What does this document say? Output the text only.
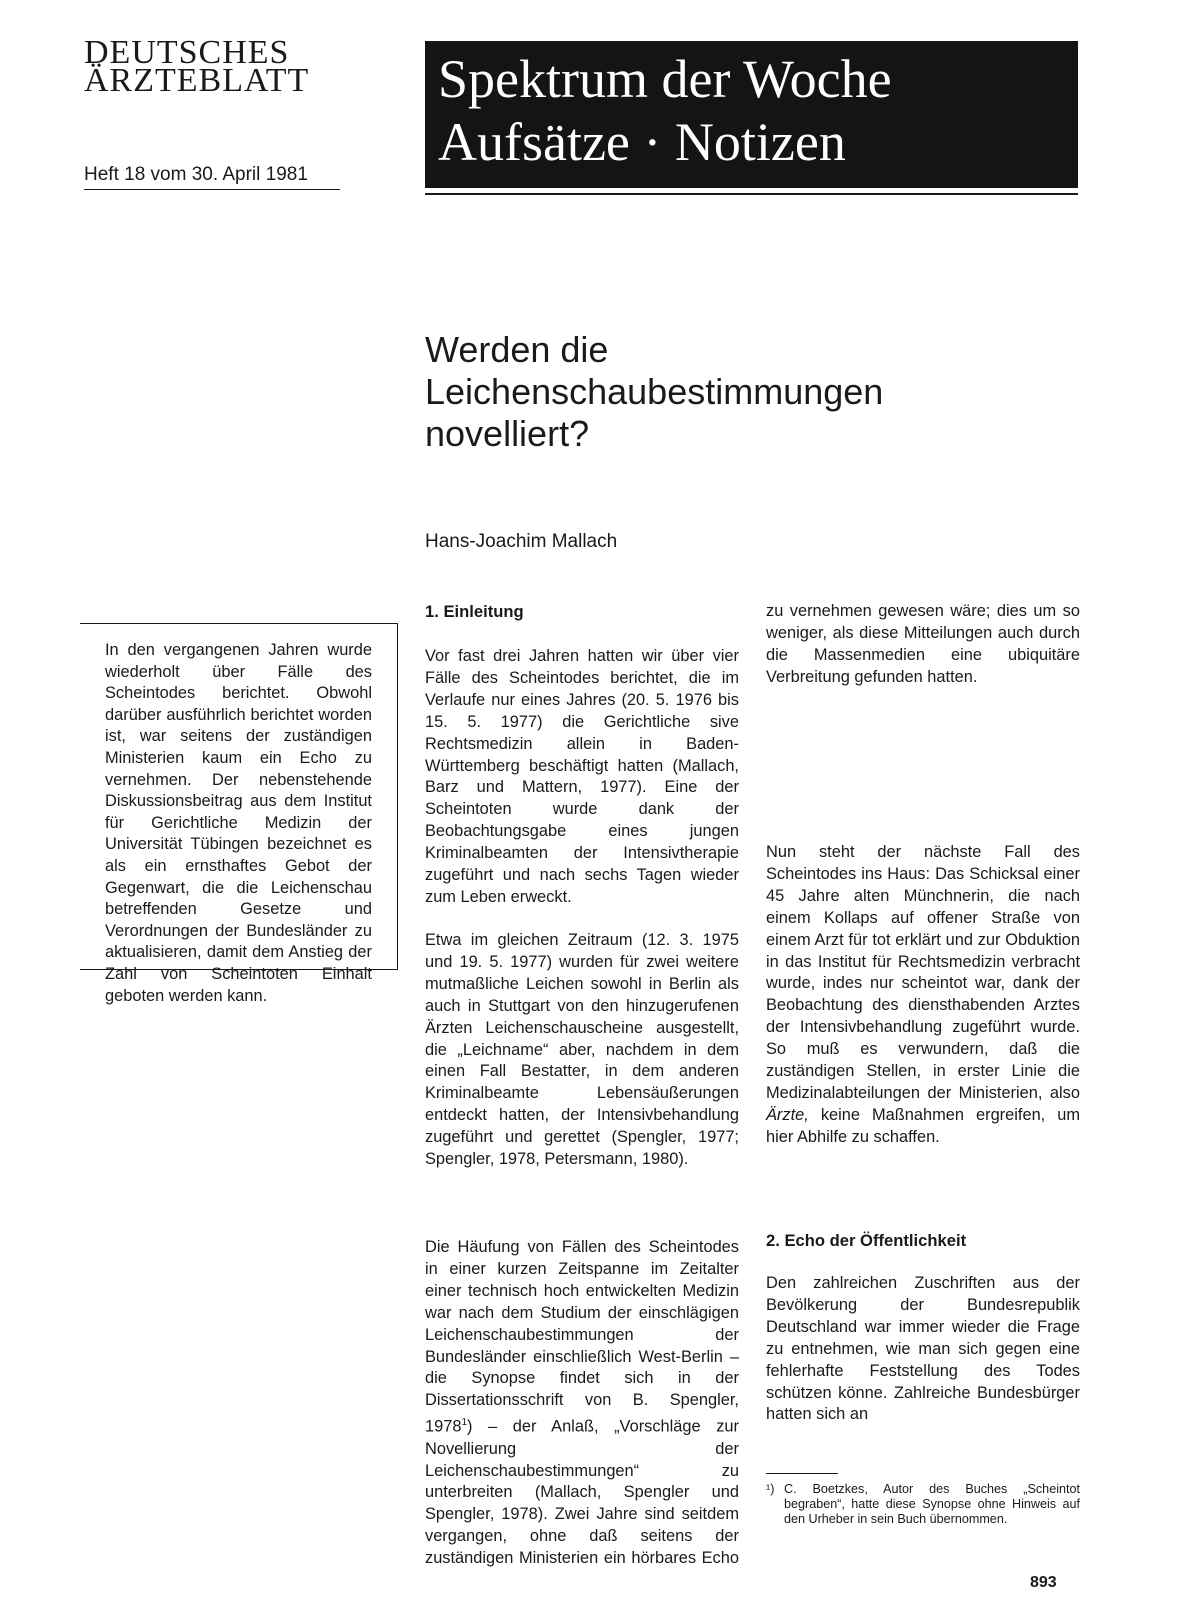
DEUTSCHES
ÄRZTEBLATT
Heft 18 vom 30. April 1981
Spektrum der Woche
Aufsätze · Notizen
Werden die
Leichenschaubestimmungen
novelliert?
Hans-Joachim Mallach
In den vergangenen Jahren wurde wiederholt über Fälle des Scheintodes berichtet. Obwohl darüber ausführlich berichtet worden ist, war seitens der zuständigen Ministerien kaum ein Echo zu vernehmen. Der nebenstehende Diskussionsbeitrag aus dem Institut für Gerichtliche Medizin der Universität Tübingen bezeichnet es als ein ernsthaftes Gebot der Gegenwart, die die Leichenschau betreffenden Gesetze und Verordnungen der Bundesländer zu aktualisieren, damit dem Anstieg der Zahl von Scheintoten Einhalt geboten werden kann.
1. Einleitung

Vor fast drei Jahren hatten wir über vier Fälle des Scheintodes berichtet, die im Verlaufe nur eines Jahres (20. 5. 1976 bis 15. 5. 1977) die Gerichtliche sive Rechtsmedizin allein in Baden-Württemberg beschäftigt hatten (Mallach, Barz und Mattern, 1977). Eine der Scheintoten wurde dank der Beobachtungsgabe eines jungen Kriminalbeamten der Intensivtherapie zugeführt und nach sechs Tagen wieder zum Leben erweckt.

Etwa im gleichen Zeitraum (12. 3. 1975 und 19. 5. 1977) wurden für zwei weitere mutmaßliche Leichen sowohl in Berlin als auch in Stuttgart von den hinzugerufenen Ärzten Leichenschauscheine ausgestellt, die „Leichname“ aber, nachdem in dem einen Fall Bestatter, in dem anderen Kriminalbeamte Lebensäußerungen entdeckt hatten, der Intensivbehandlung zugeführt und gerettet (Spengler, 1977; Spengler, 1978, Petersmann, 1980).

Die Häufung von Fällen des Scheintodes in einer kurzen Zeitspanne im Zeitalter einer technisch hoch entwickelten Medizin war nach dem Studium der einschlägigen Leichenschaubestimmungen der Bundesländer einschließlich West-Berlin – die Synopse findet sich in der Dissertationsschrift von B. Spengler, 1978$^1$) – der Anlaß, „Vorschläge zur Novellierung der Leichenschaubestimmungen“ zu unterbreiten (Mallach, Spengler und Spengler, 1978). Zwei Jahre sind seitdem vergangen, ohne daß seitens der zuständigen Ministerien ein hörbares Echo

zu vernehmen gewesen wäre; dies um so weniger, als diese Mitteilungen auch durch die Massenmedien eine ubiquitäre Verbreitung gefunden hatten.

Nun steht der nächste Fall des Scheintodes ins Haus: Das Schicksal einer 45 Jahre alten Münchnerin, die nach einem Kollaps auf offener Straße von einem Arzt für tot erklärt und zur Obduktion in das Institut für Rechtsmedizin verbracht wurde, indes nur scheintot war, dank der Beobachtung des diensthabenden Arztes der Intensivbehandlung zugeführt wurde. So muß es verwundern, daß die zuständigen Stellen, in erster Linie die Medizinalabteilungen der Ministerien, also Ärzte, keine Maßnahmen ergreifen, um hier Abhilfe zu schaffen.

2. Echo der Öffentlichkeit

Den zahlreichen Zuschriften aus der Bevölkerung der Bundesrepublik Deutschland war immer wieder die Frage zu entnehmen, wie man sich gegen eine fehlerhafte Feststellung des Todes schützen könne. Zahlreiche Bundesbürger hatten sich an

¹) C. Boetzkes, Autor des Buches „Scheintot begraben“, hatte diese Synopse ohne Hinweis auf den Urheber in sein Buch übernommen.
893
